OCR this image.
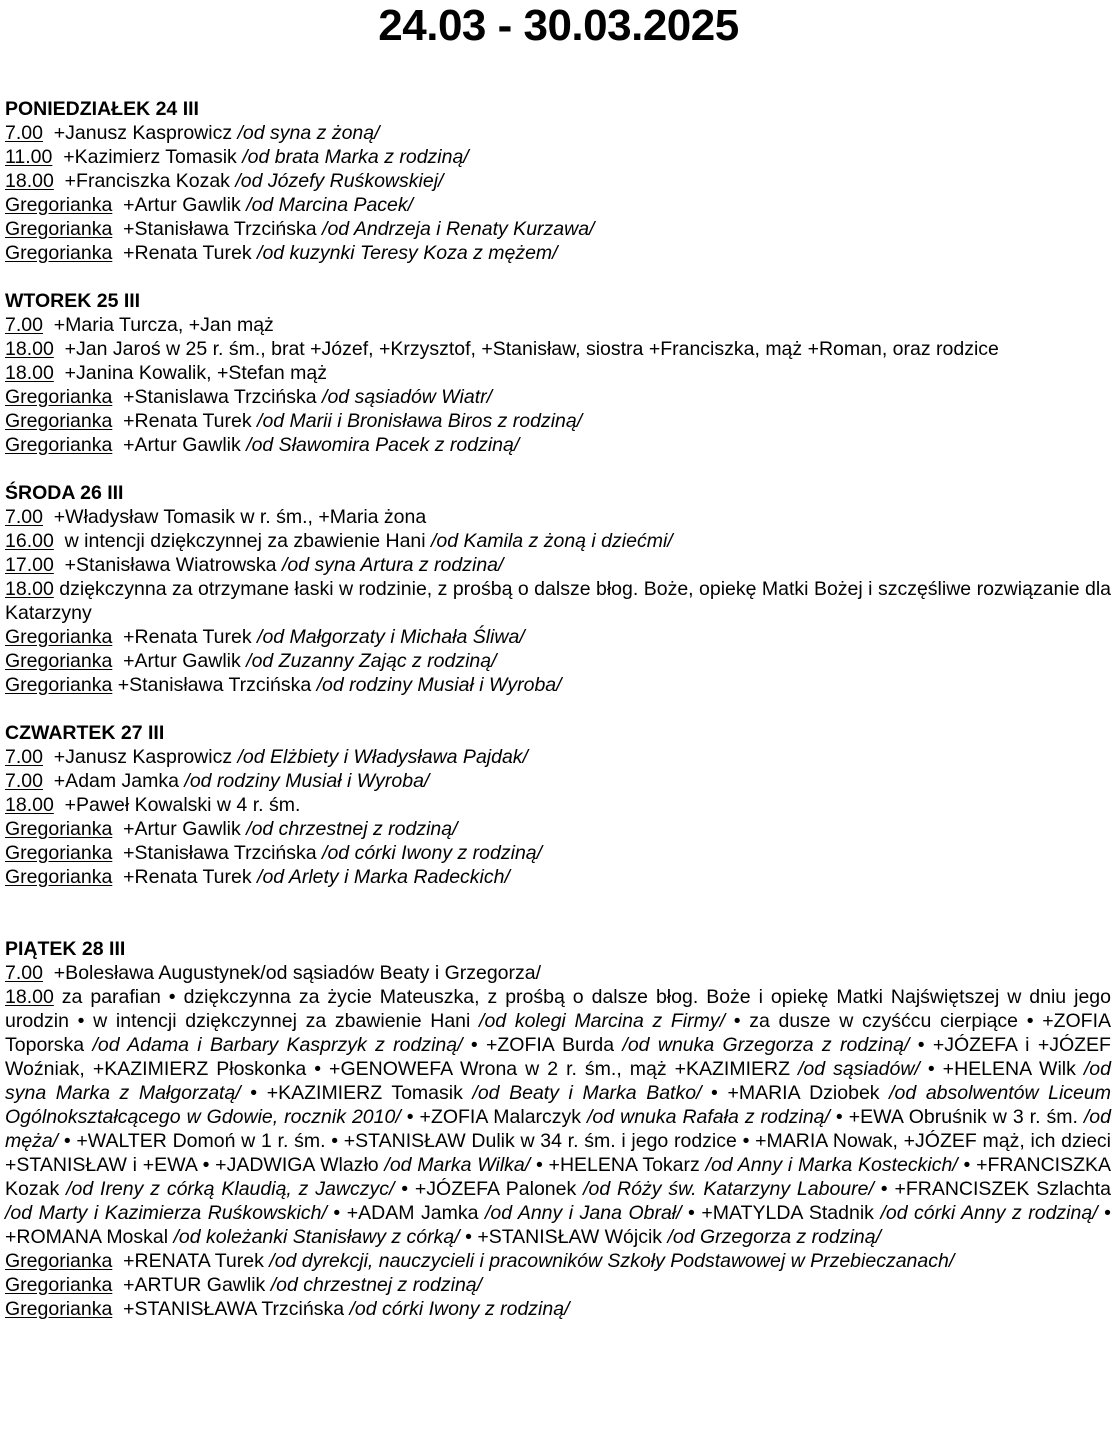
24.03 - 30.03.2025
PONIEDZIAŁEK 24 III
7.00 +Janusz Kasprowicz /od syna z żoną/
11.00 +Kazimierz Tomasik /od brata Marka z rodziną/
18.00 +Franciszka Kozak /od Józefy Ruśkowskiej/
Gregorianka +Artur Gawlik /od Marcina Pacek/
Gregorianka +Stanisława Trzcińska /od Andrzeja i Renaty Kurzawa/
Gregorianka +Renata Turek /od kuzynki Teresy Koza z mężem/
WTOREK 25 III
7.00 +Maria Turcza, +Jan mąż
18.00 +Jan Jaroś w 25 r. śm., brat +Józef, +Krzysztof, +Stanisław, siostra +Franciszka, mąż +Roman, oraz rodzice
18.00 +Janina Kowalik, +Stefan mąż
Gregorianka +Stanislawa Trzcińska /od sąsiadów Wiatr/
Gregorianka +Renata Turek /od Marii i Bronisława Biros z rodziną/
Gregorianka +Artur Gawlik /od Sławomira Pacek z rodziną/
ŚRODA 26 III
7.00 +Władysław Tomasik w r. śm., +Maria żona
16.00 w intencji dziękczynnej za zbawienie Hani /od Kamila z żoną i dziećmi/
17.00 +Stanisława Wiatrowska /od syna Artura z rodzina/
18.00 dziękczynna za otrzymane łaski w rodzinie, z prośbą o dalsze błog. Boże, opiekę Matki Bożej i szczęśliwe rozwiązanie dla Katarzyny
Gregorianka +Renata Turek /od Małgorzaty i Michała Śliwa/
Gregorianka +Artur Gawlik /od Zuzanny Zając z rodziną/
Gregorianka +Stanisława Trzcińska /od rodziny Musiał i Wyroba/
CZWARTEK 27 III
7.00 +Janusz Kasprowicz /od Elżbiety i Władysława Pajdak/
7.00 +Adam Jamka /od rodziny Musiał i Wyroba/
18.00 +Paweł Kowalski w 4 r. śm.
Gregorianka +Artur Gawlik /od chrzestnej z rodziną/
Gregorianka +Stanisława Trzcińska /od córki Iwony z rodziną/
Gregorianka +Renata Turek /od Arlety i Marka Radeckich/
PIĄTEK 28 III
7.00 +Bolesława Augustynek/od sąsiadów Beaty i Grzegorza/
18.00 za parafian • dziękczynna za życie Mateuszka, z prośbą o dalsze błog. Boże i opiekę Matki Najświętszej w dniu jego urodzin • w intencji dziękczynnej za zbawienie Hani /od kolegi Marcina z Firmy/ • za dusze w czyśćcu cierpiące • +ZOFIA Toporska /od Adama i Barbary Kasprzyk z rodziną/ • +ZOFIA Burda /od wnuka Grzegorza z rodziną/ • +JÓZEFA i +JÓZEF Woźniak, +KAZIMIERZ Płoskonka • +GENOWEFA Wrona w 2 r. śm., mąż +KAZIMIERZ /od sąsiadów/ • +HELENA Wilk /od syna Marka z Małgorzatą/ • +KAZIMIERZ Tomasik /od Beaty i Marka Batko/ • +MARIA Dziobek /od absolwentów Liceum Ogólnokształcącego w Gdowie, rocznik 2010/ • +ZOFIA Malarczyk /od wnuka Rafała z rodziną/ • +EWA Obruśnik w 3 r. śm. /od męża/ • +WALTER Domoń w 1 r. śm. • +STANISŁAW Dulik w 34 r. śm. i jego rodzice • +MARIA Nowak, +JÓZEF mąż, ich dzieci +STANISŁAW i +EWA • +JADWIGA Wlazło /od Marka Wilka/ • +HELENA Tokarz /od Anny i Marka Kosteckich/ • +FRANCISZKA Kozak /od Ireny z córką Klaudią, z Jawczyc/ • +JÓZEFA Palonek /od Róży św. Katarzyny Laboure/ • +FRANCISZEK Szlachta /od Marty i Kazimierza Ruśkowskich/ • +ADAM Jamka /od Anny i Jana Obrał/ • +MATYLDA Stadnik /od córki Anny z rodziną/ • +ROMANA Moskal /od koleżanki Stanisławy z córką/ • +STANISŁAW Wójcik /od Grzegorza z rodziną/
Gregorianka +RENATA Turek /od dyrekcji, nauczycieli i pracowników Szkoły Podstawowej w Przebieczanach/
Gregorianka +ARTUR Gawlik /od chrzestnej z rodziną/
Gregorianka +STANISŁAWA Trzcińska /od córki Iwony z rodziną/
